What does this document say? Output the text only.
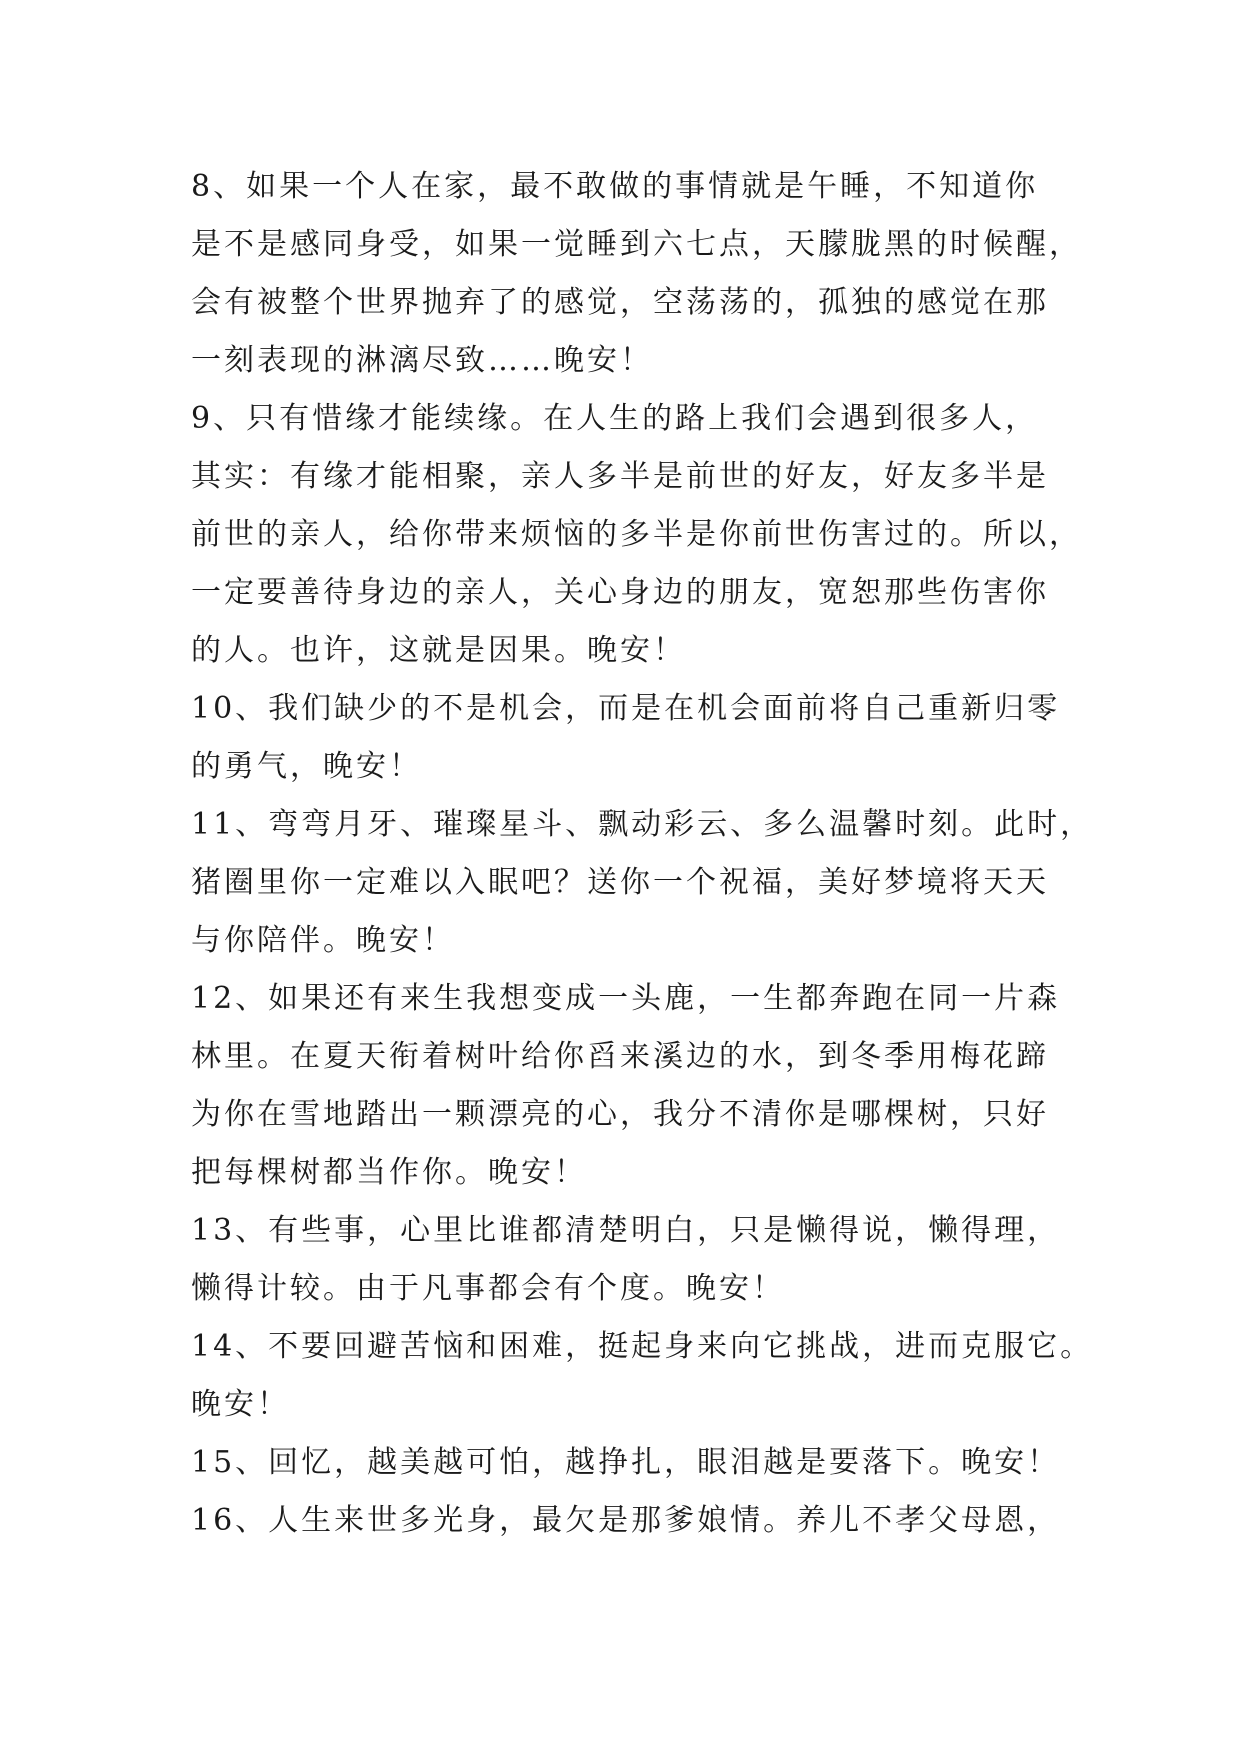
8、如果一个人在家，最不敢做的事情就是午睡，不知道你
是不是感同身受，如果一觉睡到六七点，天朦胧黑的时候醒，
会有被整个世界抛弃了的感觉，空荡荡的，孤独的感觉在那
一刻表现的淋漓尽致……晚安！
9、只有惜缘才能续缘。在人生的路上我们会遇到很多人，
其实：有缘才能相聚，亲人多半是前世的好友，好友多半是
前世的亲人，给你带来烦恼的多半是你前世伤害过的。所以，
一定要善待身边的亲人，关心身边的朋友，宽恕那些伤害你
的人。也许，这就是因果。晚安！
10、我们缺少的不是机会，而是在机会面前将自己重新归零
的勇气，晚安！
11、弯弯月牙、璀璨星斗、飘动彩云、多么温馨时刻。此时，
猪圈里你一定难以入眠吧？送你一个祝福，美好梦境将天天
与你陪伴。晚安！
12、如果还有来生我想变成一头鹿，一生都奔跑在同一片森
林里。在夏天衔着树叶给你舀来溪边的水，到冬季用梅花蹄
为你在雪地踏出一颗漂亮的心，我分不清你是哪棵树，只好
把每棵树都当作你。晚安！
13、有些事，心里比谁都清楚明白，只是懒得说，懒得理，
懒得计较。由于凡事都会有个度。晚安！
14、不要回避苦恼和困难，挺起身来向它挑战，进而克服它。
晚安！
15、回忆，越美越可怕，越挣扎，眼泪越是要落下。晚安！
16、人生来世多光身，最欠是那爹娘情。养儿不孝父母恩，
